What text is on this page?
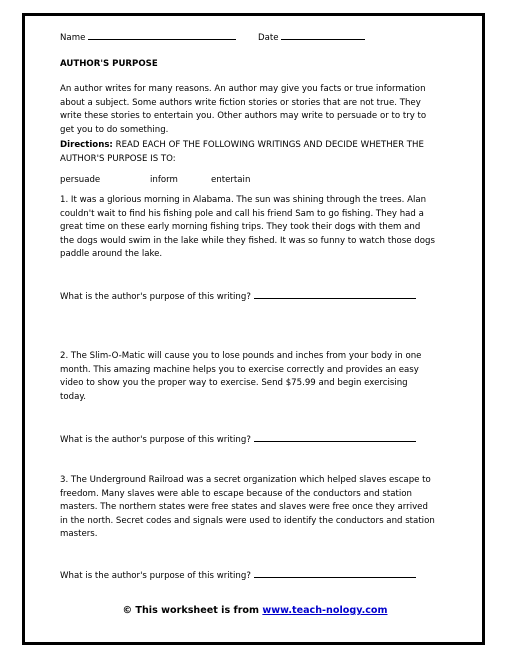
Name	Date
AUTHOR'S PURPOSE
An author writes for many reasons. An author may give you facts or true information about a subject. Some authors write fiction stories or stories that are not true. They write these stories to entertain you. Other authors may write to persuade or to try to get you to do something.
Directions: READ EACH OF THE FOLLOWING WRITINGS AND DECIDE WHETHER THE AUTHOR'S PURPOSE IS TO:
persuade	inform	entertain
1. It was a glorious morning in Alabama. The sun was shining through the trees. Alan couldn't wait to find his fishing pole and call his friend Sam to go fishing. They had a great time on these early morning fishing trips. They took their dogs with them and the dogs would swim in the lake while they fished. It was so funny to watch those dogs paddle around the lake.
What is the author's purpose of this writing?
2. The Slim-O-Matic will cause you to lose pounds and inches from your body in one month. This amazing machine helps you to exercise correctly and provides an easy video to show you the proper way to exercise. Send $75.99 and begin exercising today.
What is the author's purpose of this writing?
3. The Underground Railroad was a secret organization which helped slaves escape to freedom. Many slaves were able to escape because of the conductors and station masters. The northern states were free states and slaves were free once they arrived in the north. Secret codes and signals were used to identify the conductors and station masters.
What is the author's purpose of this writing?
© This worksheet is from www.teach-nology.com
